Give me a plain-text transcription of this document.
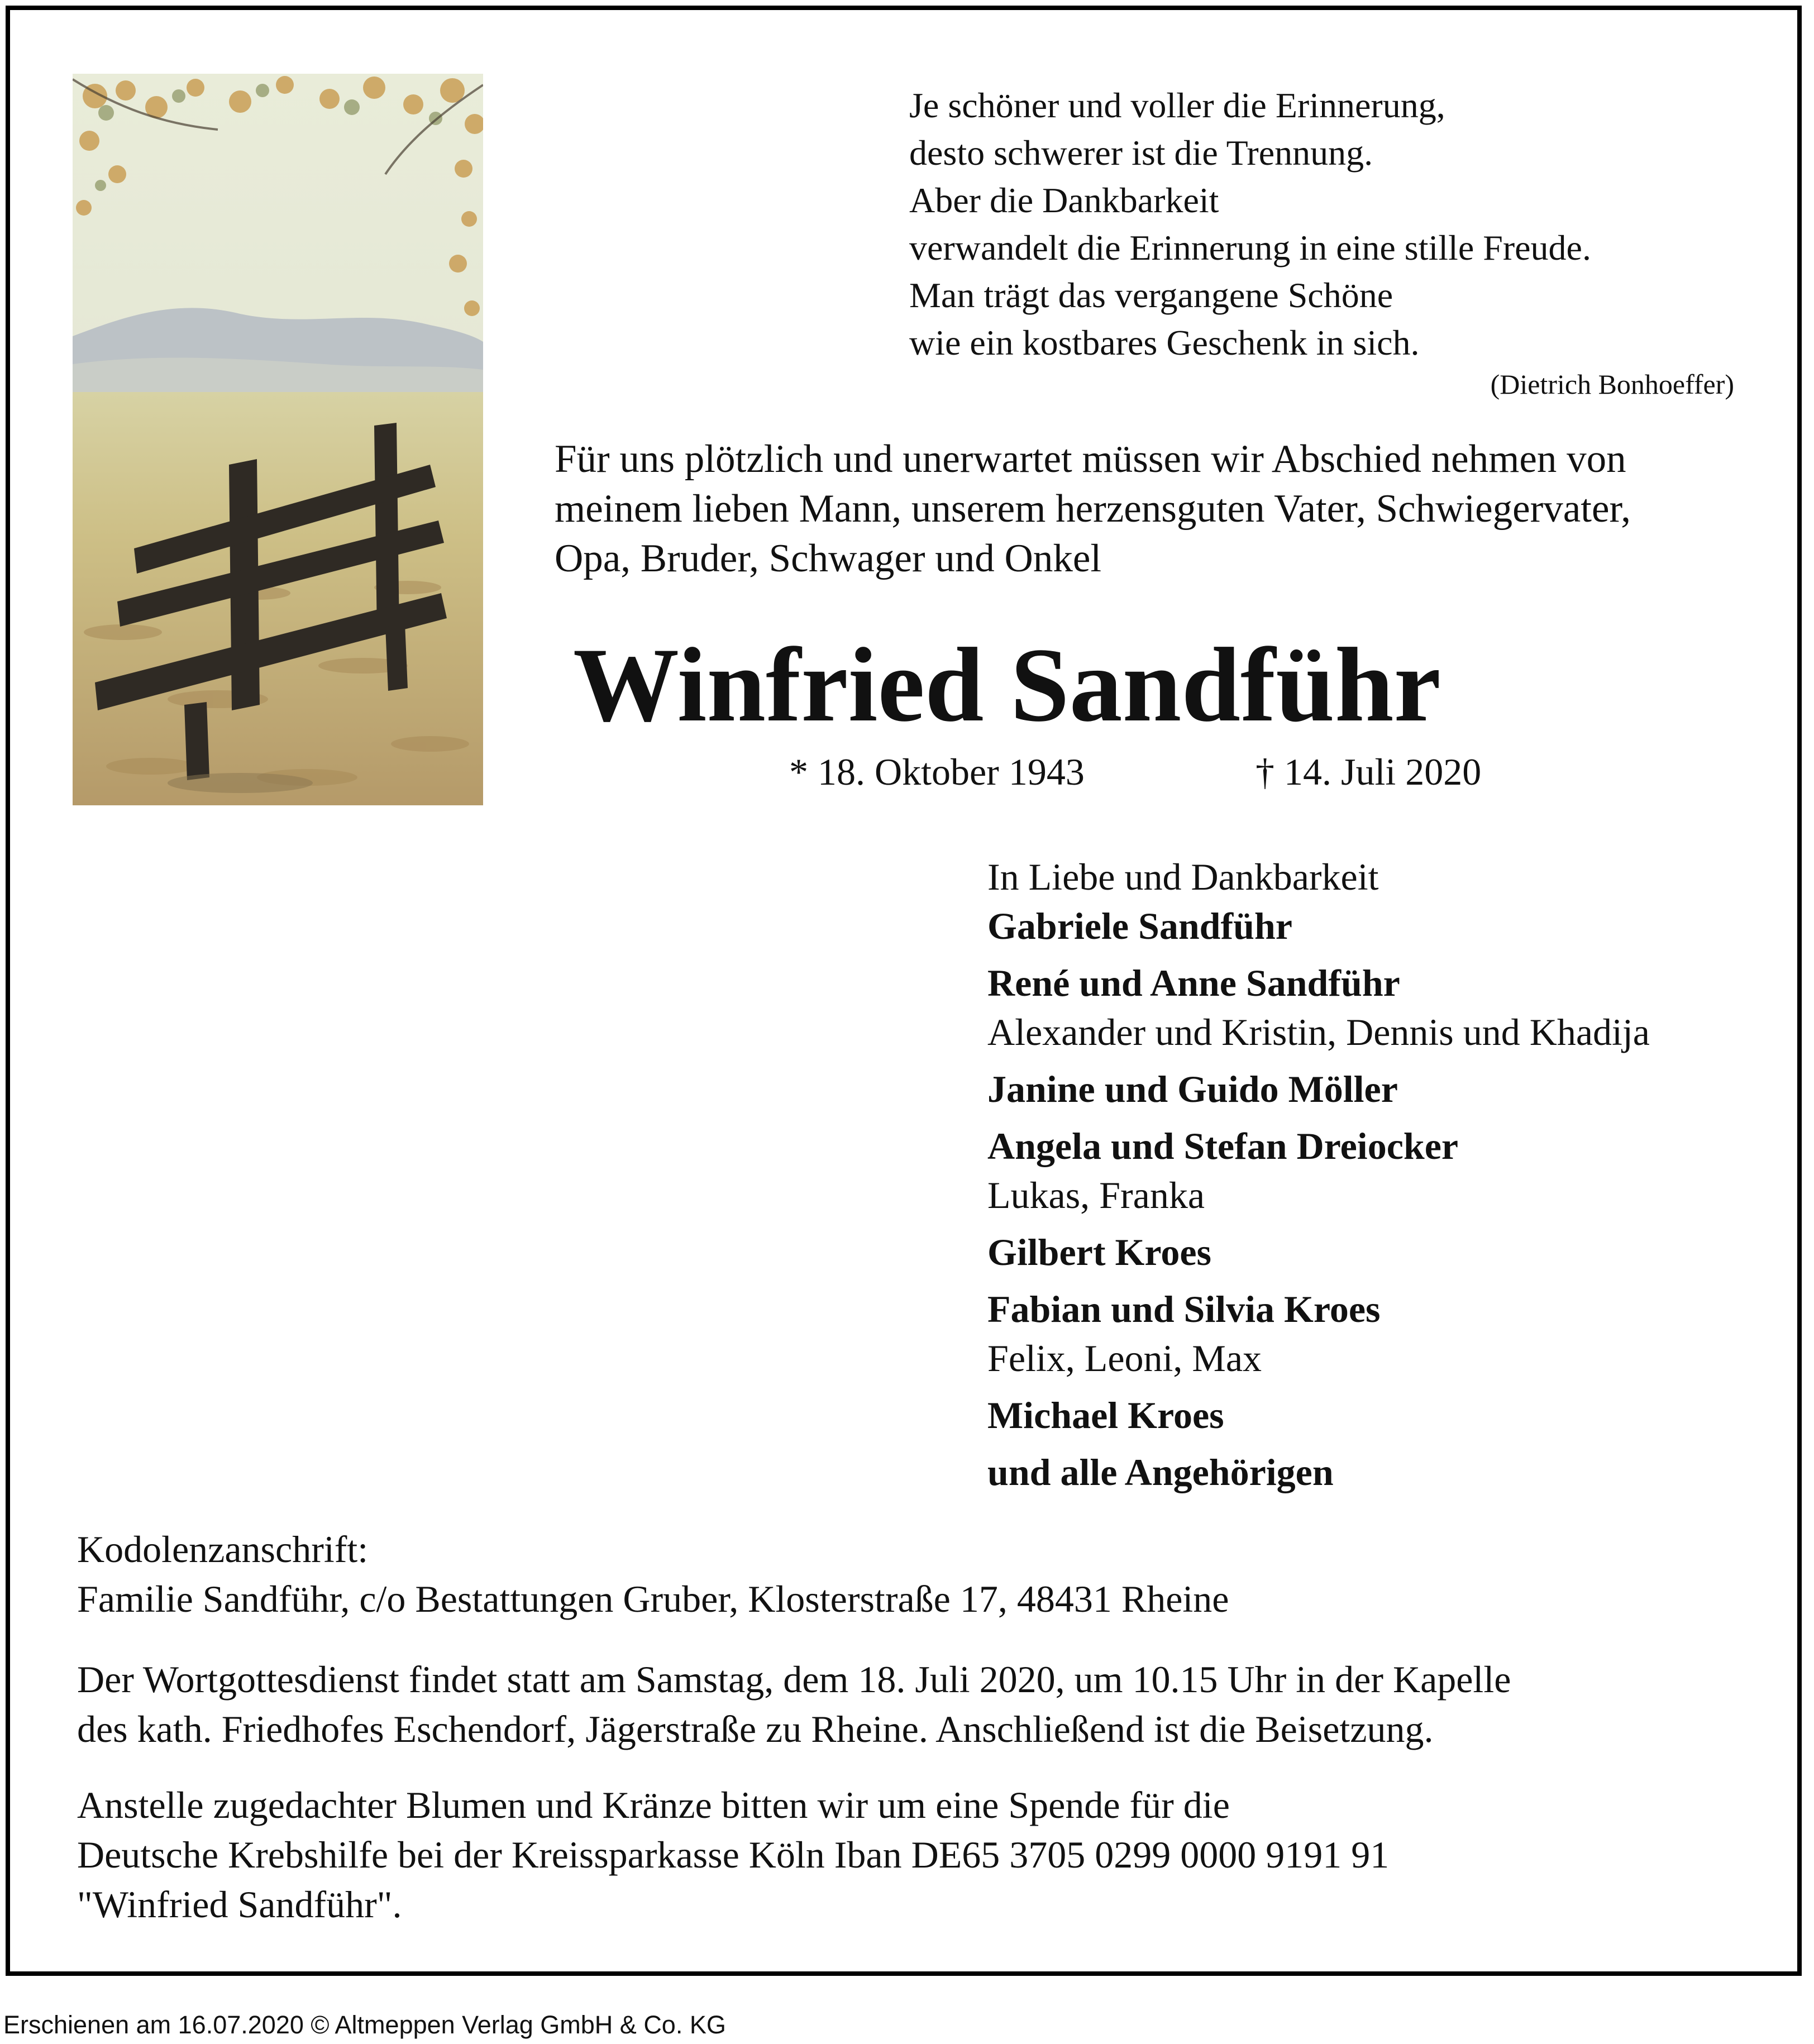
Je schöner und voller die Erinnerung,
desto schwerer ist die Trennung.
Aber die Dankbarkeit
verwandelt die Erinnerung in eine stille Freude.
Man trägt das vergangene Schöne
wie ein kostbares Geschenk in sich.
(Dietrich Bonhoeffer)
Für uns plötzlich und unerwartet müssen wir Abschied nehmen von
meinem lieben Mann, unserem herzensguten Vater, Schwiegervater,
Opa, Bruder, Schwager und Onkel
Winfried Sandführ
* 18. Oktober 1943	† 14. Juli 2020
In Liebe und Dankbarkeit
Gabriele Sandführ
René und Anne Sandführ
Alexander und Kristin, Dennis und Khadija
Janine und Guido Möller
Angela und Stefan Dreiocker
Lukas, Franka
Gilbert Kroes
Fabian und Silvia Kroes
Felix, Leoni, Max
Michael Kroes
und alle Angehörigen
Kodolenzanschrift:
Familie Sandführ, c/o Bestattungen Gruber, Klosterstraße 17, 48431 Rheine
Der Wortgottesdienst findet statt am Samstag, dem 18. Juli 2020, um 10.15 Uhr in der Kapelle
des kath. Friedhofes Eschendorf, Jägerstraße zu Rheine. Anschließend ist die Beisetzung.
Anstelle zugedachter Blumen und Kränze bitten wir um eine Spende für die
Deutsche Krebshilfe bei der Kreissparkasse Köln Iban DE65 3705 0299 0000 9191 91
"Winfried Sandführ".
Erschienen am 16.07.2020 © Altmeppen Verlag GmbH & Co. KG
